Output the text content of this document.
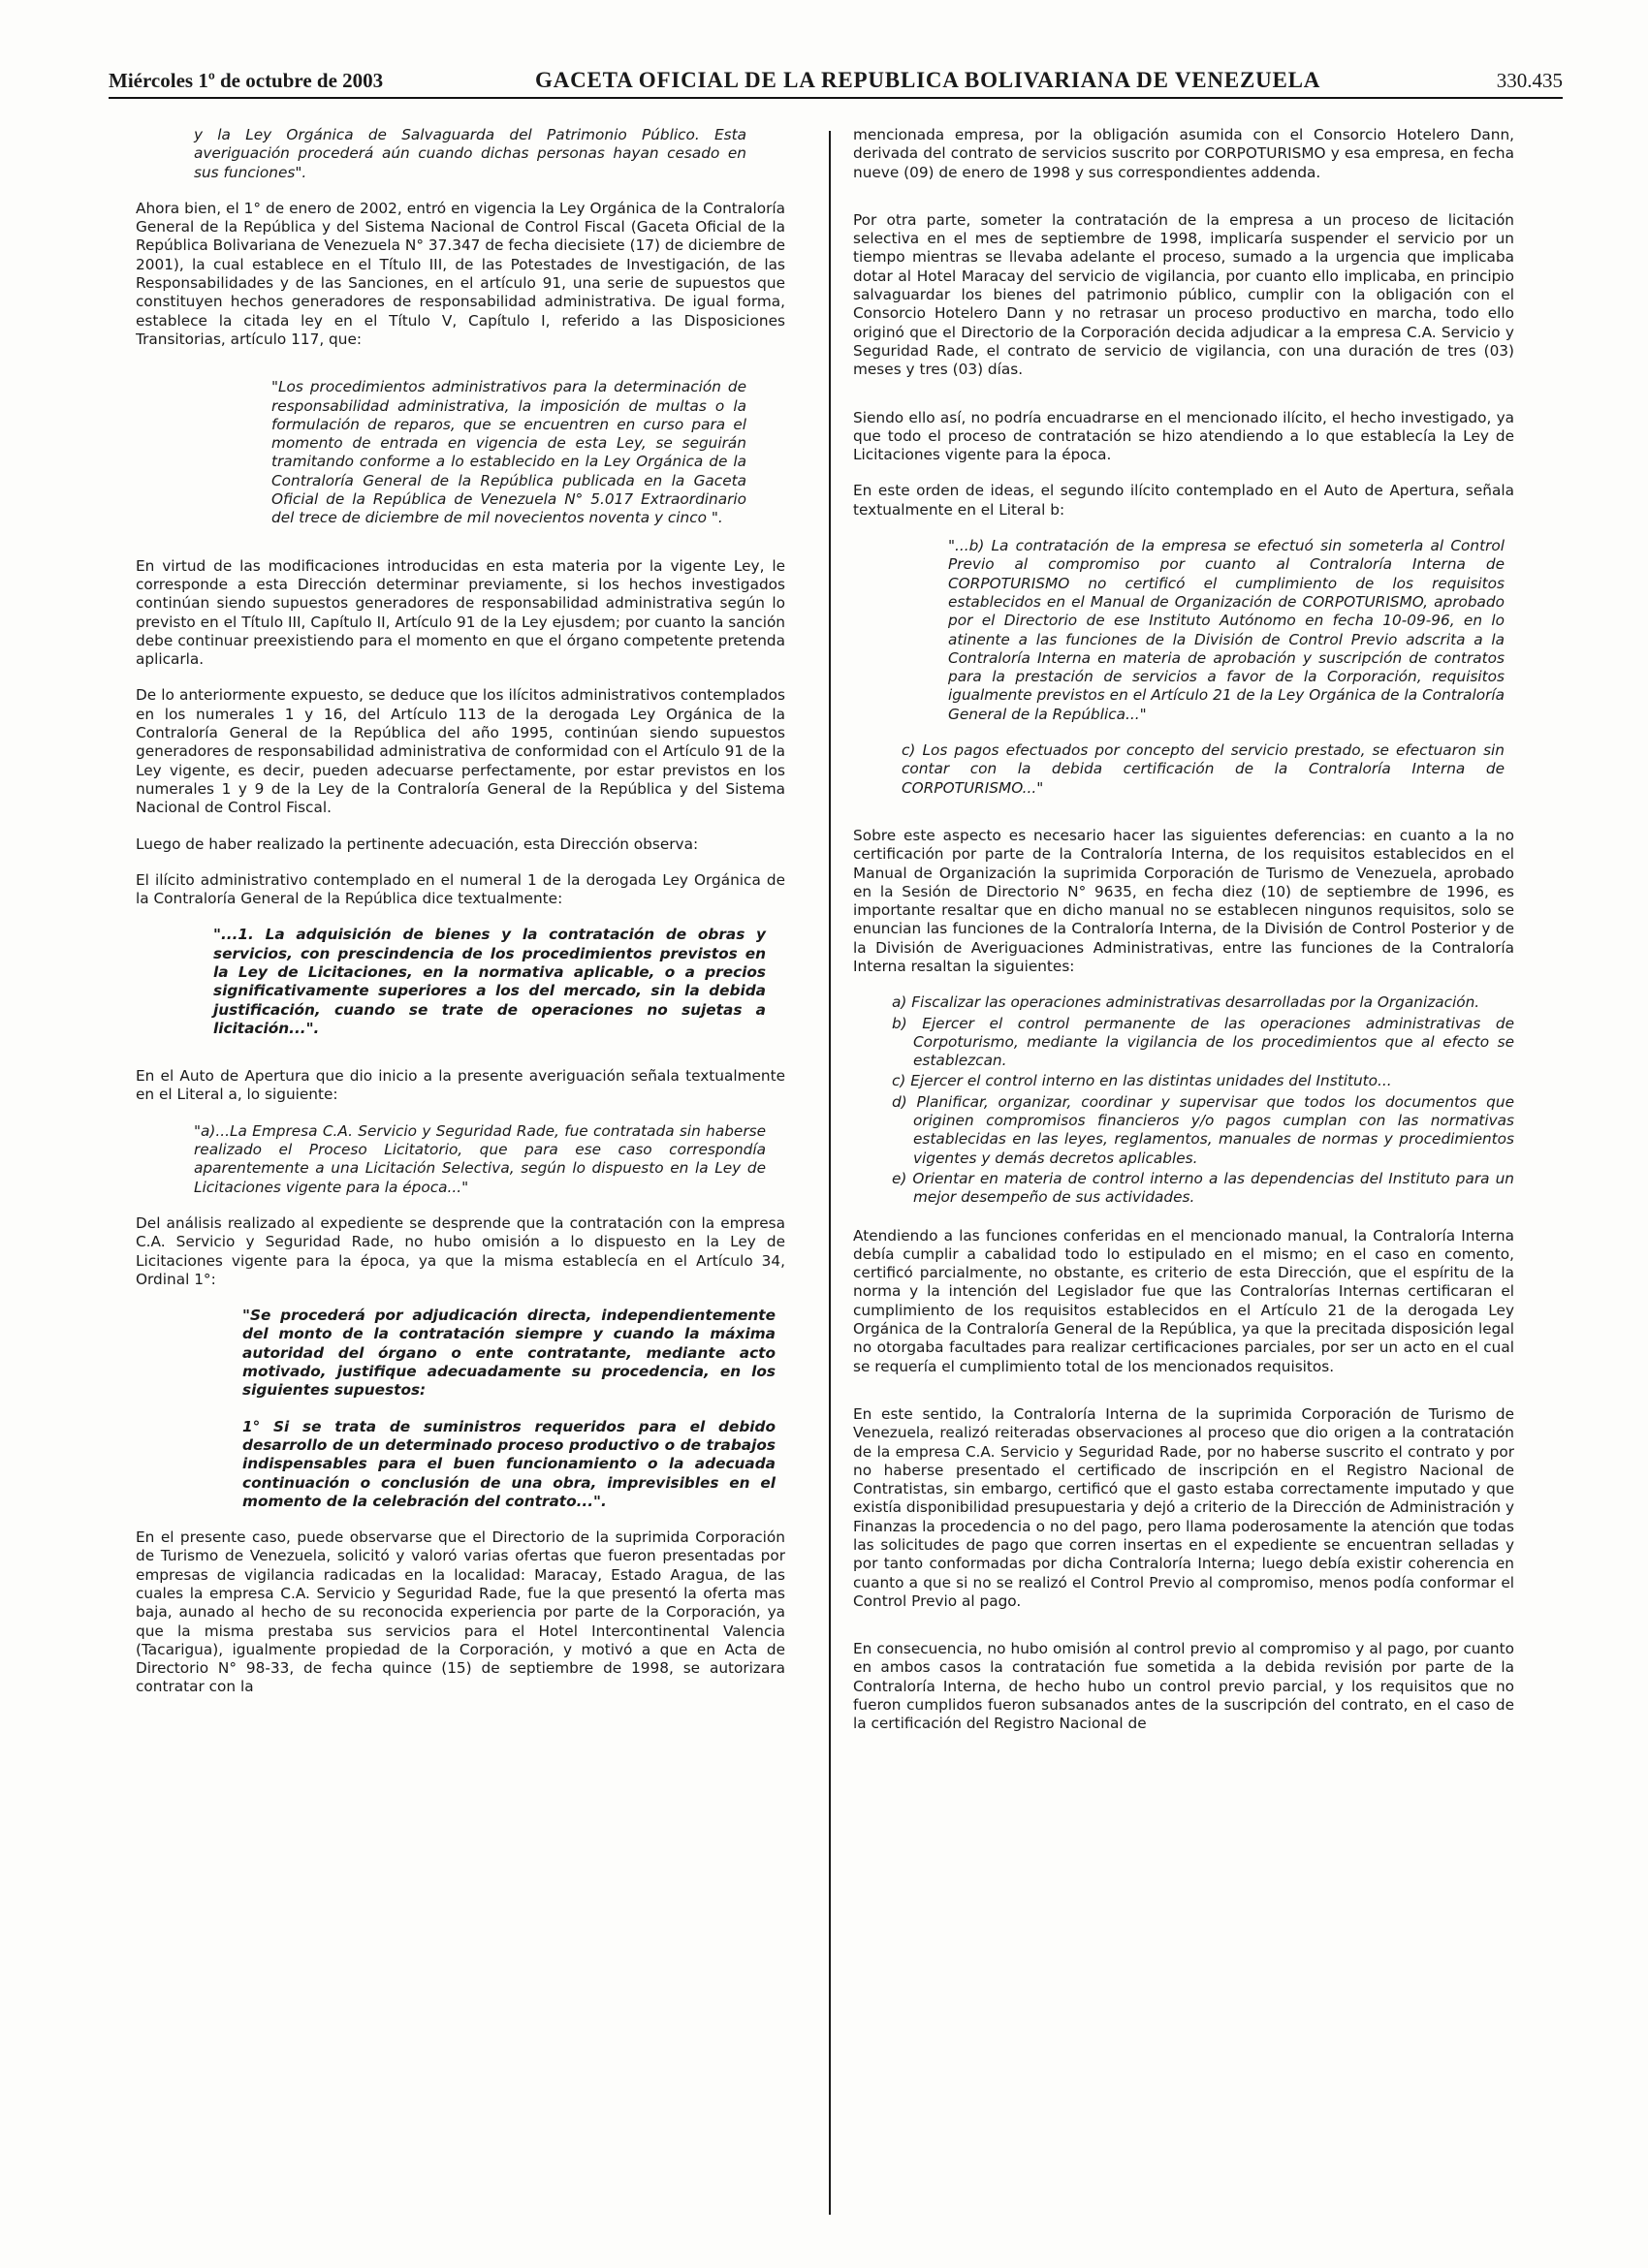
Miércoles 1º de octubre de 2003	GACETA OFICIAL DE LA REPUBLICA BOLIVARIANA DE VENEZUELA	330.435

y la Ley Orgánica de Salvaguarda del Patrimonio Público. Esta averiguación procederá aún cuando dichas personas hayan cesado en sus funciones".

Ahora bien, el 1° de enero de 2002, entró en vigencia la Ley Orgánica de la Contraloría General de la República y del Sistema Nacional de Control Fiscal (Gaceta Oficial de la República Bolivariana de Venezuela N° 37.347 de fecha diecisiete (17) de diciembre de 2001), la cual establece en el Título III, de las Potestades de Investigación, de las Responsabilidades y de las Sanciones, en el artículo 91, una serie de supuestos que constituyen hechos generadores de responsabilidad administrativa. De igual forma, establece la citada ley en el Título V, Capítulo I, referido a las Disposiciones Transitorias, artículo 117, que:

"Los procedimientos administrativos para la determinación de responsabilidad administrativa, la imposición de multas o la formulación de reparos, que se encuentren en curso para el momento de entrada en vigencia de esta Ley, se seguirán tramitando conforme a lo establecido en la Ley Orgánica de la Contraloría General de la República publicada en la Gaceta Oficial de la República de Venezuela N° 5.017 Extraordinario del trece de diciembre de mil novecientos noventa y cinco ".

En virtud de las modificaciones introducidas en esta materia por la vigente Ley, le corresponde a esta Dirección determinar previamente, si los hechos investigados continúan siendo supuestos generadores de responsabilidad administrativa según lo previsto en el Título III, Capítulo II, Artículo 91 de la Ley ejusdem; por cuanto la sanción debe continuar preexistiendo para el momento en que el órgano competente pretenda aplicarla.

De lo anteriormente expuesto, se deduce que los ilícitos administrativos contemplados en los numerales 1 y 16, del Artículo 113 de la derogada Ley Orgánica de la Contraloría General de la República del año 1995, continúan siendo supuestos generadores de responsabilidad administrativa de conformidad con el Artículo 91 de la Ley vigente, es decir, pueden adecuarse perfectamente, por estar previstos en los numerales 1 y 9 de la Ley de la Contraloría General de la República y del Sistema Nacional de Control Fiscal.

Luego de haber realizado la pertinente adecuación, esta Dirección observa:

El ilícito administrativo contemplado en el numeral 1 de la derogada Ley Orgánica de la Contraloría General de la República dice textualmente:

"...1. La adquisición de bienes y la contratación de obras y servicios, con prescindencia de los procedimientos previstos en la Ley de Licitaciones, en la normativa aplicable, o a precios significativamente superiores a los del mercado, sin la debida justificación, cuando se trate de operaciones no sujetas a licitación...".

En el Auto de Apertura que dio inicio a la presente averiguación señala textualmente en el Literal a, lo siguiente:

"a)...La Empresa C.A. Servicio y Seguridad Rade, fue contratada sin haberse realizado el Proceso Licitatorio, que para ese caso correspondía aparentemente a una Licitación Selectiva, según lo dispuesto en la Ley de Licitaciones vigente para la época..."

Del análisis realizado al expediente se desprende que la contratación con la empresa C.A. Servicio y Seguridad Rade, no hubo omisión a lo dispuesto en la Ley de Licitaciones vigente para la época, ya que la misma establecía en el Artículo 34, Ordinal 1°:

"Se procederá por adjudicación directa, independientemente del monto de la contratación siempre y cuando la máxima autoridad del órgano o ente contratante, mediante acto motivado, justifique adecuadamente su procedencia, en los siguientes supuestos:

1° Si se trata de suministros requeridos para el debido desarrollo de un determinado proceso productivo o de trabajos indispensables para el buen funcionamiento o la adecuada continuación o conclusión de una obra, imprevisibles en el momento de la celebración del contrato...".

En el presente caso, puede observarse que el Directorio de la suprimida Corporación de Turismo de Venezuela, solicitó y valoró varias ofertas que fueron presentadas por empresas de vigilancia radicadas en la localidad: Maracay, Estado Aragua, de las cuales la empresa C.A. Servicio y Seguridad Rade, fue la que presentó la oferta mas baja, aunado al hecho de su reconocida experiencia por parte de la Corporación, ya que la misma prestaba sus servicios para el Hotel Intercontinental Valencia (Tacarigua), igualmente propiedad de la Corporación, y motivó a que en Acta de Directorio N° 98-33, de fecha quince (15) de septiembre de 1998, se autorizara contratar con la

mencionada empresa, por la obligación asumida con el Consorcio Hotelero Dann, derivada del contrato de servicios suscrito por CORPOTURISMO y esa empresa, en fecha nueve (09) de enero de 1998 y sus correspondientes addenda.

Por otra parte, someter la contratación de la empresa a un proceso de licitación selectiva en el mes de septiembre de 1998, implicaría suspender el servicio por un tiempo mientras se llevaba adelante el proceso, sumado a la urgencia que implicaba dotar al Hotel Maracay del servicio de vigilancia, por cuanto ello implicaba, en principio salvaguardar los bienes del patrimonio público, cumplir con la obligación con el Consorcio Hotelero Dann y no retrasar un proceso productivo en marcha, todo ello originó que el Directorio de la Corporación decida adjudicar a la empresa C.A. Servicio y Seguridad Rade, el contrato de servicio de vigilancia, con una duración de tres (03) meses y tres (03) días.

Siendo ello así, no podría encuadrarse en el mencionado ilícito, el hecho investigado, ya que todo el proceso de contratación se hizo atendiendo a lo que establecía la Ley de Licitaciones vigente para la época.

En este orden de ideas, el segundo ilícito contemplado en el Auto de Apertura, señala textualmente en el Literal b:

"...b) La contratación de la empresa se efectuó sin someterla al Control Previo al compromiso por cuanto al Contraloría Interna de CORPOTURISMO no certificó el cumplimiento de los requisitos establecidos en el Manual de Organización de CORPOTURISMO, aprobado por el Directorio de ese Instituto Autónomo en fecha 10-09-96, en lo atinente a las funciones de la División de Control Previo adscrita a la Contraloría Interna en materia de aprobación y suscripción de contratos para la prestación de servicios a favor de la Corporación, requisitos igualmente previstos en el Artículo 21 de la Ley Orgánica de la Contraloría General de la República..."

c) Los pagos efectuados por concepto del servicio prestado, se efectuaron sin contar con la debida certificación de la Contraloría Interna de CORPOTURISMO..."

Sobre este aspecto es necesario hacer las siguientes deferencias: en cuanto a la no certificación por parte de la Contraloría Interna, de los requisitos establecidos en el Manual de Organización la suprimida Corporación de Turismo de Venezuela, aprobado en la Sesión de Directorio N° 9635, en fecha diez (10) de septiembre de 1996, es importante resaltar que en dicho manual no se establecen ningunos requisitos, solo se enuncian las funciones de la Contraloría Interna, de la División de Control Posterior y de la División de Averiguaciones Administrativas, entre las funciones de la Contraloría Interna resaltan la siguientes:

a) Fiscalizar las operaciones administrativas desarrolladas por la Organización.
b) Ejercer el control permanente de las operaciones administrativas de Corpoturismo, mediante la vigilancia de los procedimientos que al efecto se establezcan.
c) Ejercer el control interno en las distintas unidades del Instituto...
d) Planificar, organizar, coordinar y supervisar que todos los documentos que originen compromisos financieros y/o pagos cumplan con las normativas establecidas en las leyes, reglamentos, manuales de normas y procedimientos vigentes y demás decretos aplicables.
e) Orientar en materia de control interno a las dependencias del Instituto para un mejor desempeño de sus actividades.

Atendiendo a las funciones conferidas en el mencionado manual, la Contraloría Interna debía cumplir a cabalidad todo lo estipulado en el mismo; en el caso en comento, certificó parcialmente, no obstante, es criterio de esta Dirección, que el espíritu de la norma y la intención del Legislador fue que las Contralorías Internas certificaran el cumplimiento de los requisitos establecidos en el Artículo 21 de la derogada Ley Orgánica de la Contraloría General de la República, ya que la precitada disposición legal no otorgaba facultades para realizar certificaciones parciales, por ser un acto en el cual se requería el cumplimiento total de los mencionados requisitos.

En este sentido, la Contraloría Interna de la suprimida Corporación de Turismo de Venezuela, realizó reiteradas observaciones al proceso que dio origen a la contratación de la empresa C.A. Servicio y Seguridad Rade, por no haberse suscrito el contrato y por no haberse presentado el certificado de inscripción en el Registro Nacional de Contratistas, sin embargo, certificó que el gasto estaba correctamente imputado y que existía disponibilidad presupuestaria y dejó a criterio de la Dirección de Administración y Finanzas la procedencia o no del pago, pero llama poderosamente la atención que todas las solicitudes de pago que corren insertas en el expediente se encuentran selladas y por tanto conformadas por dicha Contraloría Interna; luego debía existir coherencia en cuanto a que si no se realizó el Control Previo al compromiso, menos podía conformar el Control Previo al pago.

En consecuencia, no hubo omisión al control previo al compromiso y al pago, por cuanto en ambos casos la contratación fue sometida a la debida revisión por parte de la Contraloría Interna, de hecho hubo un control previo parcial, y los requisitos que no fueron cumplidos fueron subsanados antes de la suscripción del contrato, en el caso de la certificación del Registro Nacional de
